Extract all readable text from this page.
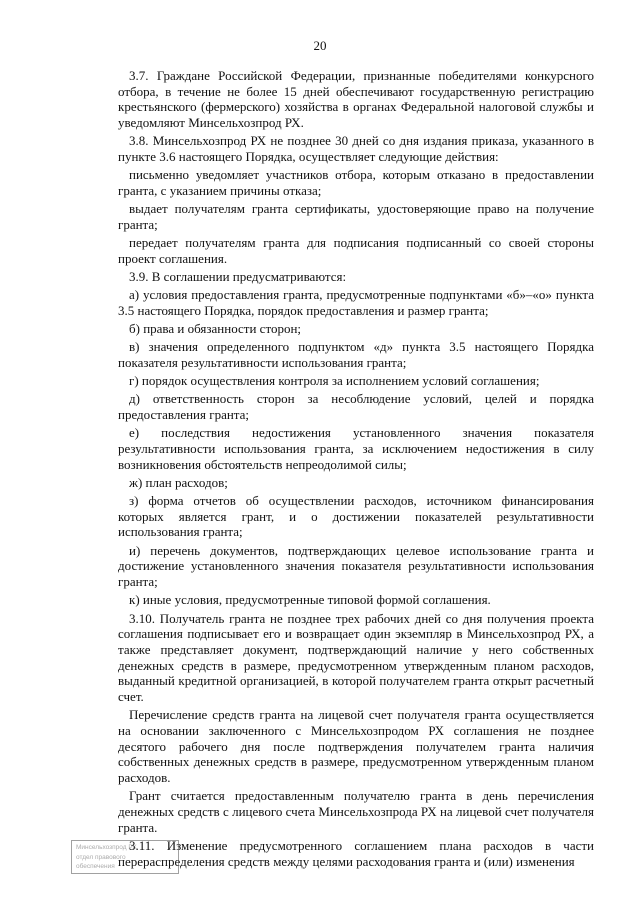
20

3.7. Граждане Российской Федерации, признанные победителями конкурсного отбора, в течение не более 15 дней обеспечивают государственную регистрацию крестьянского (фермерского) хозяйства в органах Федеральной налоговой службы и уведомляют Минсельхозпрод РХ.

3.8. Минсельхозпрод РХ не позднее 30 дней со дня издания приказа, указанного в пункте 3.6 настоящего Порядка, осуществляет следующие действия:

письменно уведомляет участников отбора, которым отказано в предоставлении гранта, с указанием причины отказа;

выдает получателям гранта сертификаты, удостоверяющие право на получение гранта;

передает получателям гранта для подписания подписанный со своей стороны проект соглашения.

3.9. В соглашении предусматриваются:

а) условия предоставления гранта, предусмотренные подпунктами «б»–«о» пункта 3.5 настоящего Порядка, порядок предоставления и размер гранта;

б) права и обязанности сторон;

в) значения определенного подпунктом «д» пункта 3.5 настоящего Порядка показателя результативности использования гранта;

г) порядок осуществления контроля за исполнением условий соглашения;

д) ответственность сторон за несоблюдение условий, целей и порядка предоставления гранта;

е) последствия недостижения установленного значения показателя результативности использования гранта, за исключением недостижения в силу возникновения обстоятельств непреодолимой силы;

ж) план расходов;

з) форма отчетов об осуществлении расходов, источником финансирования которых является грант, и о достижении показателей результативности использования гранта;

и) перечень документов, подтверждающих целевое использование гранта и достижение установленного значения показателя результативности использования гранта;

к) иные условия, предусмотренные типовой формой соглашения.

3.10. Получатель гранта не позднее трех рабочих дней со дня получения проекта соглашения подписывает его и возвращает один экземпляр в Минсельхозпрод РХ, а также представляет документ, подтверждающий наличие у него собственных денежных средств в размере, предусмотренном утвержденным планом расходов, выданный кредитной организацией, в которой получателем гранта открыт расчетный счет.

Перечисление средств гранта на лицевой счет получателя гранта осуществляется на основании заключенного с Минсельхозпродом РХ соглашения не позднее десятого рабочего дня после подтверждения получателем гранта наличия собственных денежных средств в размере, предусмотренном утвержденным планом расходов.

Грант считается предоставленным получателю гранта в день перечисления денежных средств с лицевого счета Минсельхозпрода РХ на лицевой счет получателя гранта.

3.11. Изменение предусмотренного соглашением плана расходов в части перераспределения средств между целями расходования гранта и (или) изменения

Минсельхозпрод РХ
отдел правового
обеспечения
